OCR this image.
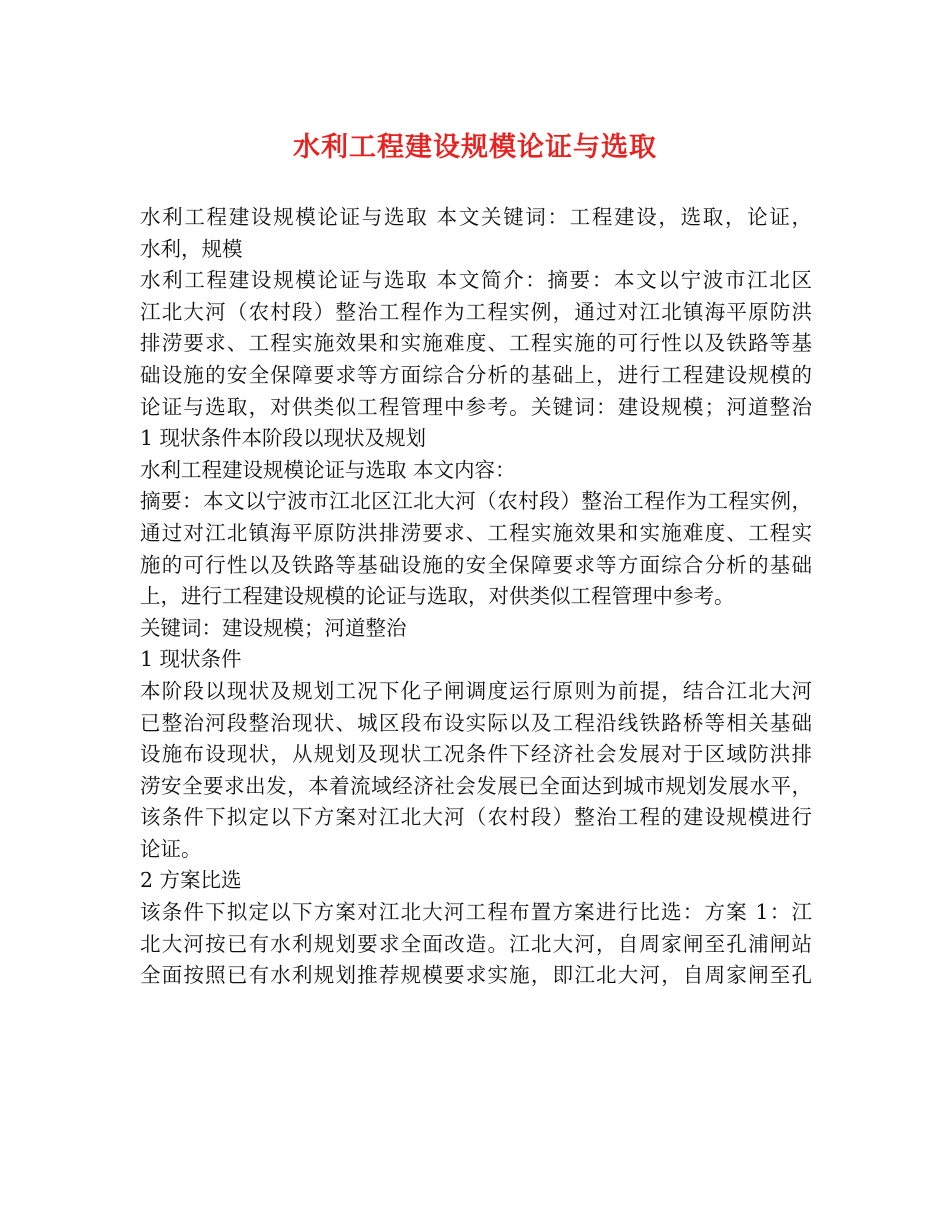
水利工程建设规模论证与选取
水利工程建设规模论证与选取 本文关键词：工程建设，选取，论证，
水利，规模
水利工程建设规模论证与选取 本文简介：摘要：本文以宁波市江北区
江北大河（农村段）整治工程作为工程实例，通过对江北镇海平原防洪
排涝要求、工程实施效果和实施难度、工程实施的可行性以及铁路等基
础设施的安全保障要求等方面综合分析的基础上，进行工程建设规模的
论证与选取，对供类似工程管理中参考。关键词：建设规模；河道整治
1 现状条件本阶段以现状及规划
水利工程建设规模论证与选取 本文内容：
摘要：本文以宁波市江北区江北大河（农村段）整治工程作为工程实例，
通过对江北镇海平原防洪排涝要求、工程实施效果和实施难度、工程实
施的可行性以及铁路等基础设施的安全保障要求等方面综合分析的基础
上，进行工程建设规模的论证与选取，对供类似工程管理中参考。
关键词：建设规模；河道整治
1 现状条件
本阶段以现状及规划工况下化子闸调度运行原则为前提，结合江北大河
已整治河段整治现状、城区段布设实际以及工程沿线铁路桥等相关基础
设施布设现状，从规划及现状工况条件下经济社会发展对于区域防洪排
涝安全要求出发，本着流域经济社会发展已全面达到城市规划发展水平，
该条件下拟定以下方案对江北大河（农村段）整治工程的建设规模进行
论证。
2 方案比选
该条件下拟定以下方案对江北大河工程布置方案进行比选：方案 1：江
北大河按已有水利规划要求全面改造。江北大河，自周家闸至孔浦闸站
全面按照已有水利规划推荐规模要求实施，即江北大河，自周家闸至孔
